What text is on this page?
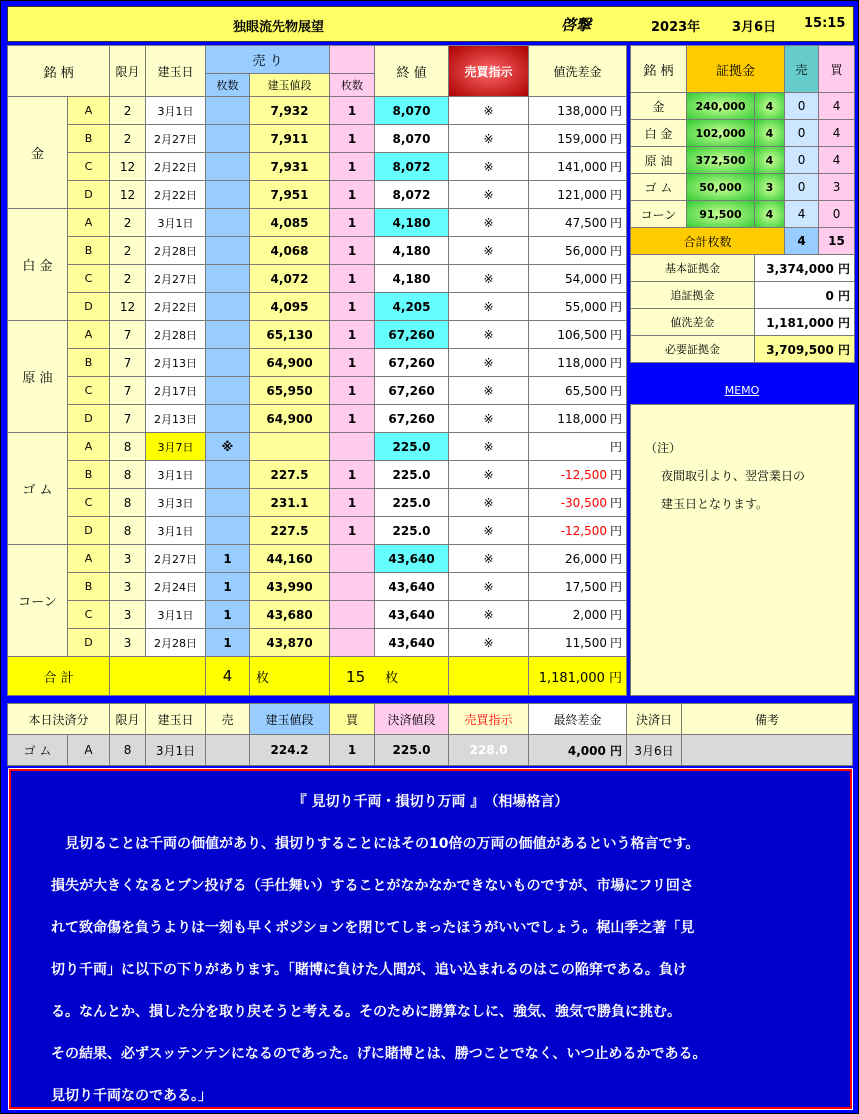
独眼流先物展望	啓撃	2023年 3月6日 15:15
銘 柄		限月	建玉日	売 り			終 値	売買指示	値洗差金
				枚数	建玉値段	枚数			
金	A	2	3月1日		7,932	1	8,070	※	138,000 円
	B	2	2月27日		7,911	1	8,070	※	159,000 円
	C	12	2月22日		7,931	1	8,072	※	141,000 円
	D	12	2月22日		7,951	1	8,072	※	121,000 円
白 金	A	2	3月1日		4,085	1	4,180	※	47,500 円
	B	2	2月28日		4,068	1	4,180	※	56,000 円
	C	2	2月27日		4,072	1	4,180	※	54,000 円
	D	12	2月22日		4,095	1	4,205	※	55,000 円
原 油	A	7	2月28日		65,130	1	67,260	※	106,500 円
	B	7	2月13日		64,900	1	67,260	※	118,000 円
	C	7	2月17日		65,950	1	67,260	※	65,500 円
	D	7	2月13日		64,900	1	67,260	※	118,000 円
ゴ ム	A	8	3月7日	※			225.0	※	円
	B	8	3月1日		227.5	1	225.0	※	-12,500 円
	C	8	3月3日		231.1	1	225.0	※	-30,500 円
	D	8	3月1日		227.5	1	225.0	※	-12,500 円
コーン	A	3	2月27日	1	44,160		43,640	※	26,000 円
	B	3	2月24日	1	43,990		43,640	※	17,500 円
	C	3	3月1日	1	43,680		43,640	※	2,000 円
	D	3	2月28日	1	43,870		43,640	※	11,500 円
合 計				4	枚	15 枚			1,181,000 円
銘 柄	証拠金		売	買
金	240,000	4	0	4
白 金	102,000	4	0	4
原 油	372,500	4	0	4
ゴ ム	50,000	3	0	3
コーン	91,500	4	4	0
合計枚数			4	15
基本証拠金		3,374,000 円		
追証拠金		0 円		
値洗差金		1,181,000 円		
必要証拠金		3,709,500 円		
MEMO
（注）
夜間取引より、翌営業日の
建玉日となります。
本日決済分		限月	建玉日	売	建玉値段	買	決済値段	売買指示	最終差金	決済日	備考
ゴ ム	A	8	3月1日		224.2	1	225.0	228.0	4,000 円	3月6日	
『 見切り千両・損切り万両 』　（相場格言）
　見切ることは千両の価値があり、損切りすることにはその10倍の万両の価値があるという格言です。
損失が大きくなるとブン投げる（手仕舞い）することがなかなかできないものですが、市場にフリ回さ
れて致命傷を負うよりは一刻も早くポジションを閉じてしまったほうがいいでしょう。梶山季之著「見
切り千両」に以下の下りがあります。「賭博に負けた人間が、追い込まれるのはこの陥穽である。負け
る。なんとか、損した分を取り戻そうと考える。そのために勝算なしに、強気、強気で勝負に挑む。
その結果、必ずスッテンテンになるのであった。げに賭博とは、勝つことでなく、いつ止めるかである。
見切り千両なのである。」
